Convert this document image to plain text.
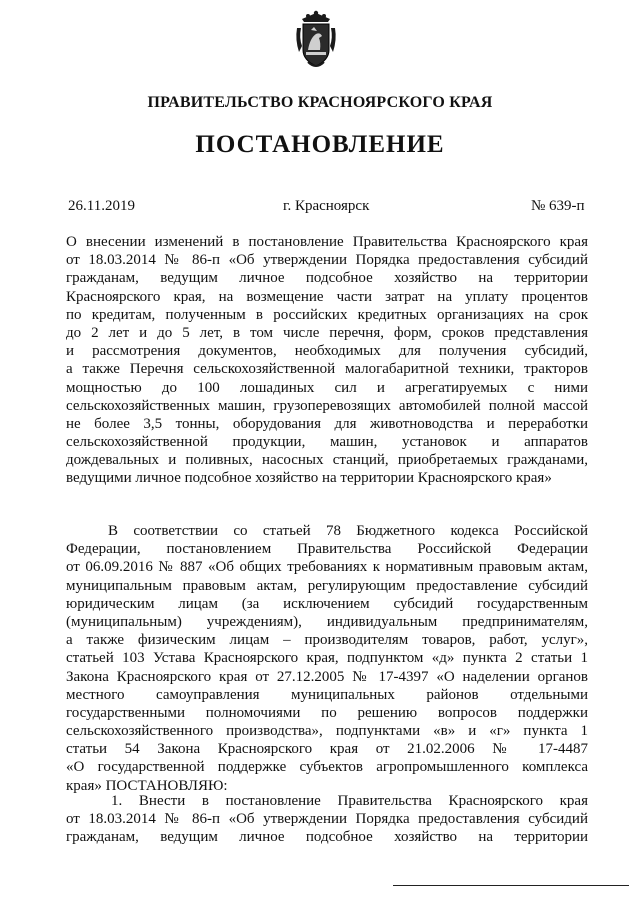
ПРАВИТЕЛЬСТВО КРАСНОЯРСКОГО КРАЯ
ПОСТАНОВЛЕНИЕ
26.11.2019	г. Красноярск	№ 639-п
О внесении изменений в постановление Правительства Красноярского края
от 18.03.2014 № 86-п «Об утверждении Порядка предоставления субсидий
гражданам, ведущим личное подсобное хозяйство на территории
Красноярского края, на возмещение части затрат на уплату процентов
по кредитам, полученным в российских кредитных организациях на срок
до 2 лет и до 5 лет, в том числе перечня, форм, сроков представления
и рассмотрения документов, необходимых для получения субсидий,
а также Перечня сельскохозяйственной малогабаритной техники, тракторов
мощностью до 100 лошадиных сил и агрегатируемых с ними
сельскохозяйственных машин, грузоперевозящих автомобилей полной массой
не более 3,5 тонны, оборудования для животноводства и переработки
сельскохозяйственной продукции, машин, установок и аппаратов
дождевальных и поливных, насосных станций, приобретаемых гражданами,
ведущими личное подсобное хозяйство на территории Красноярского края»
В соответствии со статьей 78 Бюджетного кодекса Российской
Федерации, постановлением Правительства Российской Федерации
от 06.09.2016 № 887 «Об общих требованиях к нормативным правовым актам,
муниципальным правовым актам, регулирующим предоставление субсидий
юридическим лицам (за исключением субсидий государственным
(муниципальным) учреждениям), индивидуальным предпринимателям,
а также физическим лицам – производителям товаров, работ, услуг»,
статьей 103 Устава Красноярского края, подпунктом «д» пункта 2 статьи 1
Закона Красноярского края от 27.12.2005 № 17-4397 «О наделении органов
местного самоуправления муниципальных районов отдельными
государственными полномочиями по решению вопросов поддержки
сельскохозяйственного производства», подпунктами «в» и «г» пункта 1
статьи 54 Закона Красноярского края от 21.02.2006 № 17-4487
«О государственной поддержке субъектов агропромышленного комплекса
края» ПОСТАНОВЛЯЮ:
1. Внести в постановление Правительства Красноярского края
от 18.03.2014 № 86-п «Об утверждении Порядка предоставления субсидий
гражданам, ведущим личное подсобное хозяйство на территории
